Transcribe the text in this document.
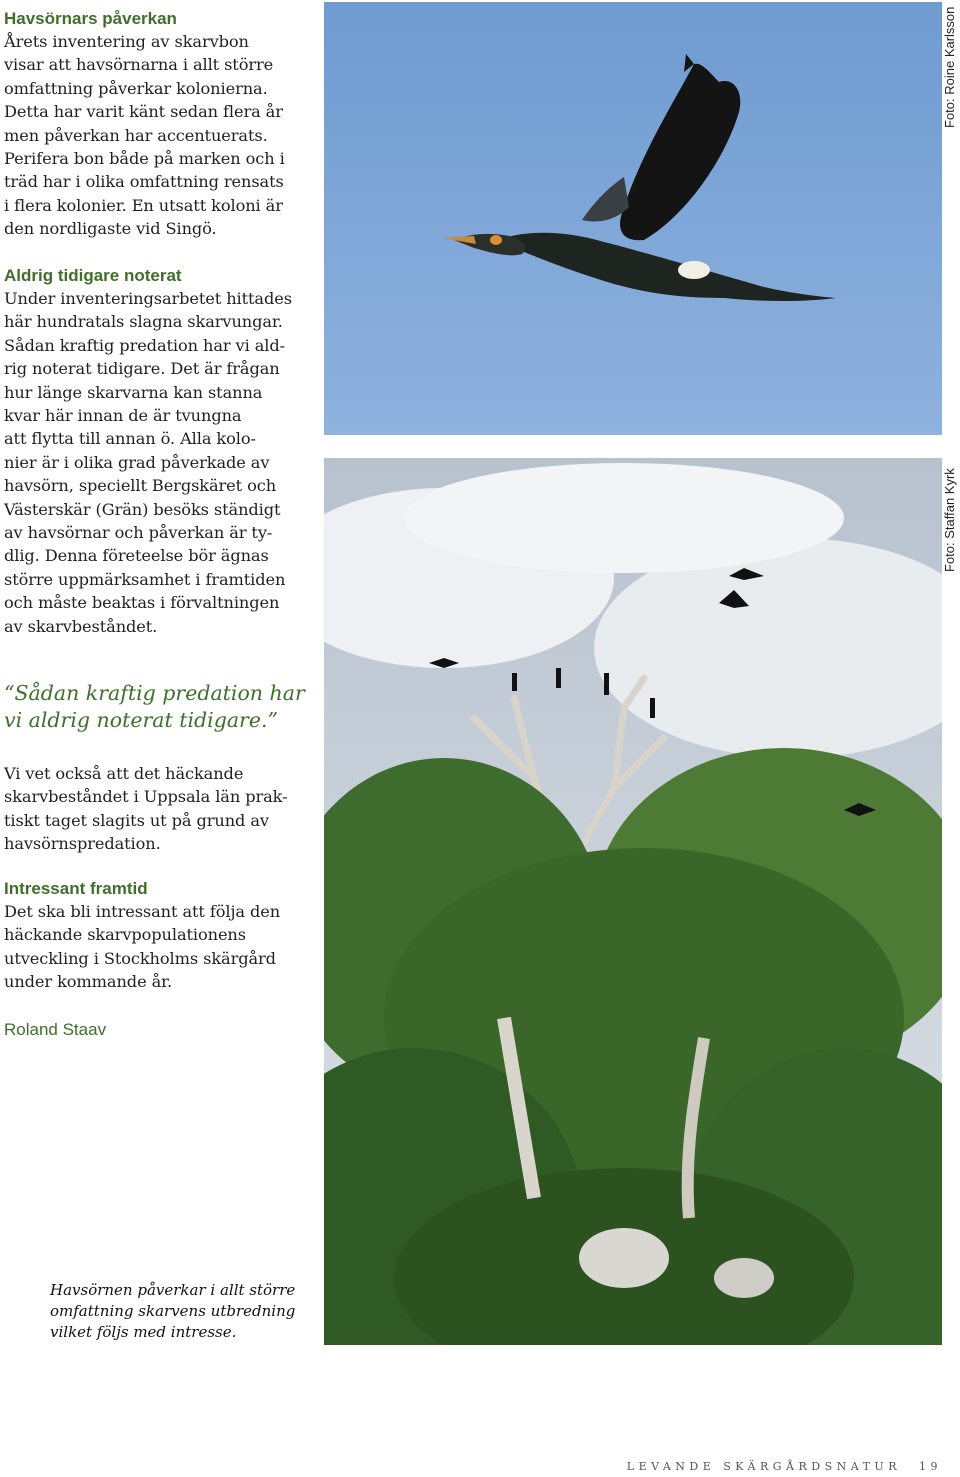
Havsörnars påverkan
Årets inventering av skarvbon
visar att havsörnarna i allt större
omfattning påverkar kolonierna.
Detta har varit känt sedan flera år
men påverkan har accentuerats.
Perifera bon både på marken och i
träd har i olika omfattning rensats
i flera kolonier. En utsatt koloni är
den nordligaste vid Singö.
Aldrig tidigare noterat
Under inventeringsarbetet hittades
här hundratals slagna skarvungar.
Sådan kraftig predation har vi ald-
rig noterat tidigare. Det är frågan
hur länge skarvarna kan stanna
kvar här innan de är tvungna
att flytta till annan ö. Alla kolo-
nier är i olika grad påverkade av
havsörn, speciellt Bergskäret och
Västerskär (Grän) besöks ständigt
av havsörnar och påverkan är ty-
dlig. Denna företeelse bör ägnas
större uppmärksamhet i framtiden
och måste beaktas i förvaltningen
av skarvbeståndet.
“Sådan kraftig predation har
vi aldrig noterat tidigare.”
Vi vet också att det häckande
skarvbeståndet i Uppsala län prak-
tiskt taget slagits ut på grund av
havsörnspredation.
Intressant framtid
Det ska bli intressant att följa den
häckande skarvpopulationens
utveckling i Stockholms skärgård
under kommande år.
Roland Staav
Foto: Roine Karlsson
Foto: Staffan Kyrk
Havsörnen påverkar i allt större
omfattning skarvens utbredning
vilket följs med intresse.
LEVANDE SKÄRGÅRDSNATUR 19
